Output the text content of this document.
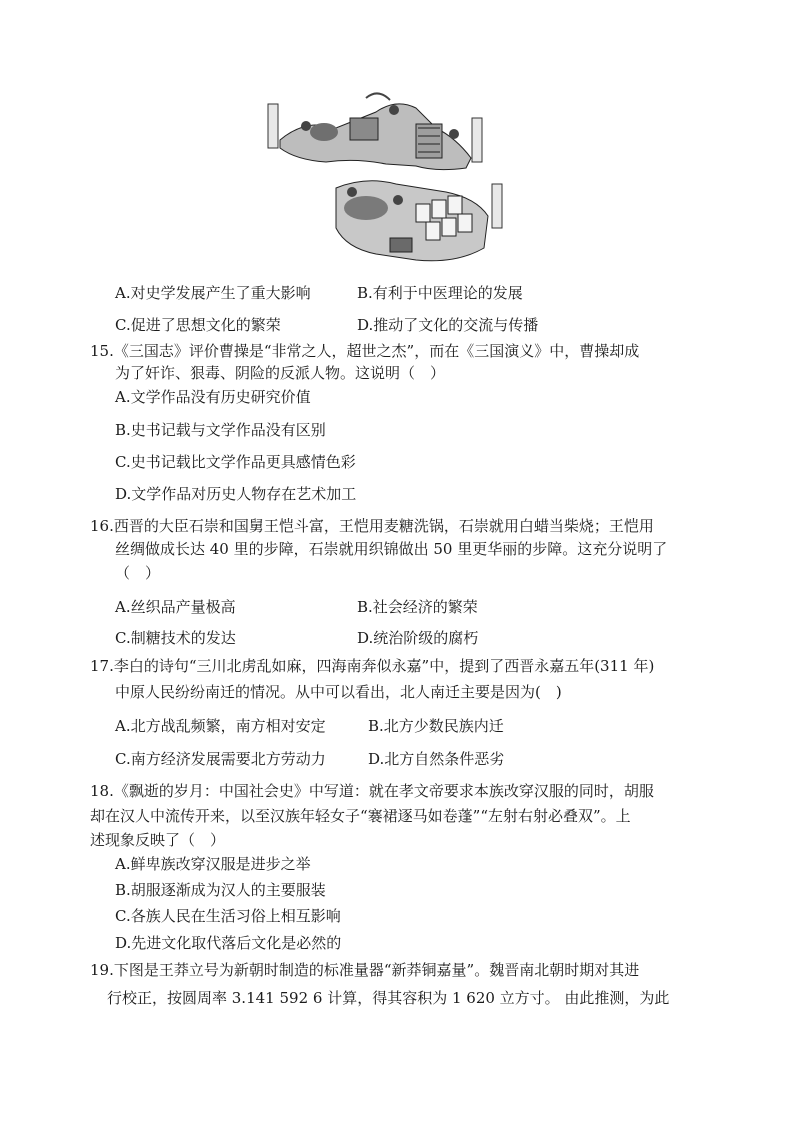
A.对史学发展产生了重大影响	B.有利于中医理论的发展
C.促进了思想文化的繁荣	D.推动了文化的交流与传播
15.《三国志》评价曹操是“非常之人，超世之杰”，而在《三国演义》中，曹操却成
为了奸诈、狠毒、阴险的反派人物。这说明（　）
A.文学作品没有历史研究价值
B.史书记载与文学作品没有区别
C.史书记载比文学作品更具感情色彩
D.文学作品对历史人物存在艺术加工
16.西晋的大臣石崇和国舅王恺斗富，王恺用麦糖洗锅，石崇就用白蜡当柴烧；王恺用
丝绸做成长达 40 里的步障，石崇就用织锦做出 50 里更华丽的步障。这充分说明了
（　）
A.丝织品产量极高	B.社会经济的繁荣
C.制糖技术的发达	D.统治阶级的腐朽
17.李白的诗句“三川北虏乱如麻，四海南奔似永嘉”中，提到了西晋永嘉五年(311 年)
中原人民纷纷南迁的情况。从中可以看出，北人南迁主要是因为(　)
A.北方战乱频繁，南方相对安定	B.北方少数民族内迁
C.南方经济发展需要北方劳动力	D.北方自然条件恶劣
18.《飘逝的岁月：中国社会史》中写道：就在孝文帝要求本族改穿汉服的同时，胡服
却在汉人中流传开来，以至汉族年轻女子“褰裙逐马如卷蓬”“左射右射必叠双”。上
述现象反映了（　）
A.鲜卑族改穿汉服是进步之举
B.胡服逐渐成为汉人的主要服装
C.各族人民在生活习俗上相互影响
D.先进文化取代落后文化是必然的
19.下图是王莽立号为新朝时制造的标准量器“新莽铜嘉量”。魏晋南北朝时期对其进
行校正，按圆周率 3.141 592 6 计算，得其容积为 1 620 立方寸。 由此推测，为此
